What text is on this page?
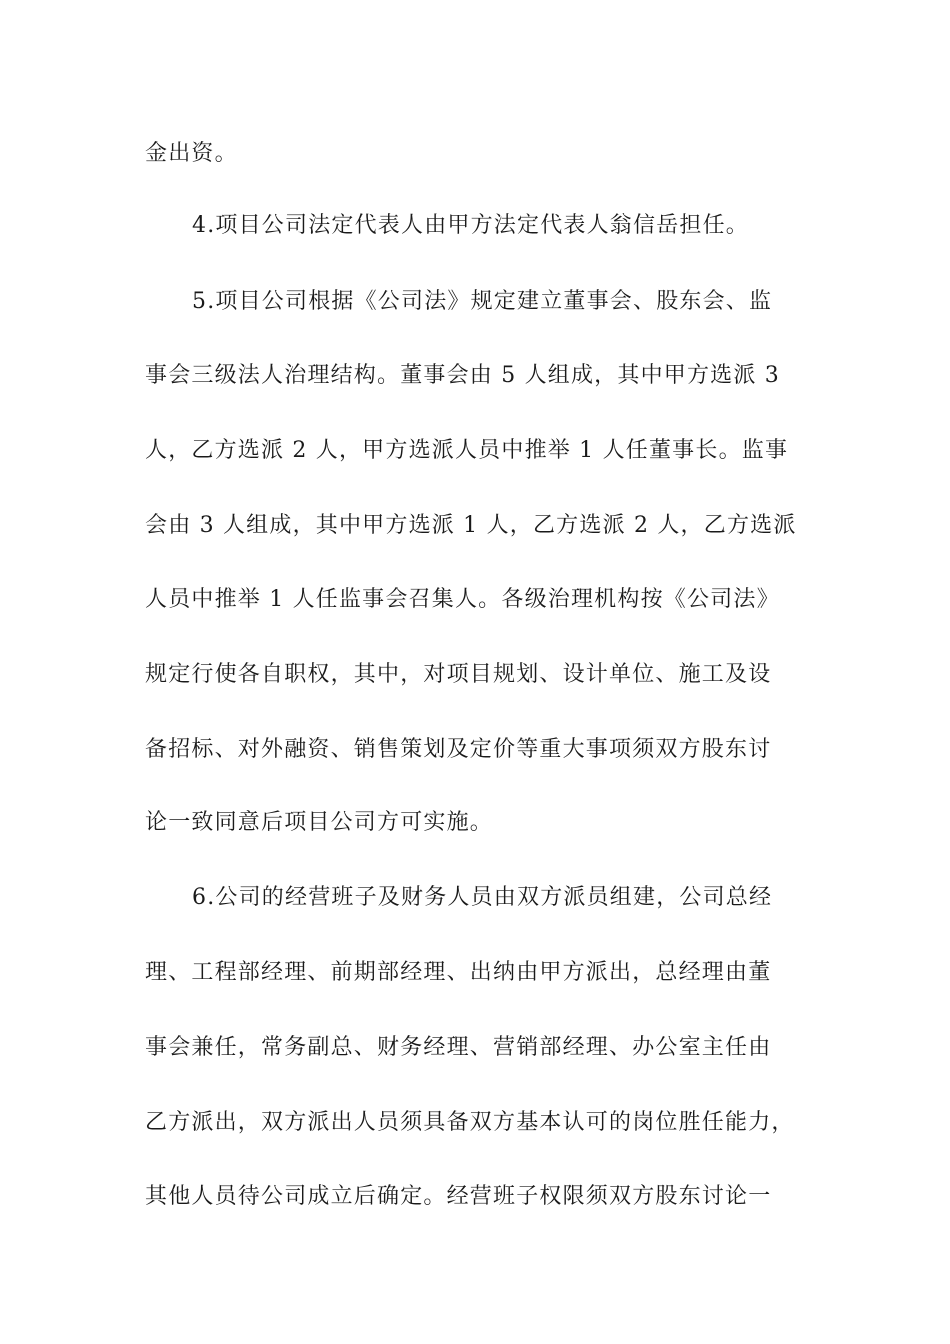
金出资。
4.项目公司法定代表人由甲方法定代表人翁信岳担任。
5.项目公司根据《公司法》规定建立董事会、股东会、监
事会三级法人治理结构。董事会由 5 人组成，其中甲方选派 3
人，乙方选派 2 人，甲方选派人员中推举 1 人任董事长。监事
会由 3 人组成，其中甲方选派 1 人，乙方选派 2 人，乙方选派
人员中推举 1 人任监事会召集人。各级治理机构按《公司法》
规定行使各自职权，其中，对项目规划、设计单位、施工及设
备招标、对外融资、销售策划及定价等重大事项须双方股东讨
论一致同意后项目公司方可实施。
6.公司的经营班子及财务人员由双方派员组建，公司总经
理、工程部经理、前期部经理、出纳由甲方派出，总经理由董
事会兼任，常务副总、财务经理、营销部经理、办公室主任由
乙方派出，双方派出人员须具备双方基本认可的岗位胜任能力，
其他人员待公司成立后确定。经营班子权限须双方股东讨论一
